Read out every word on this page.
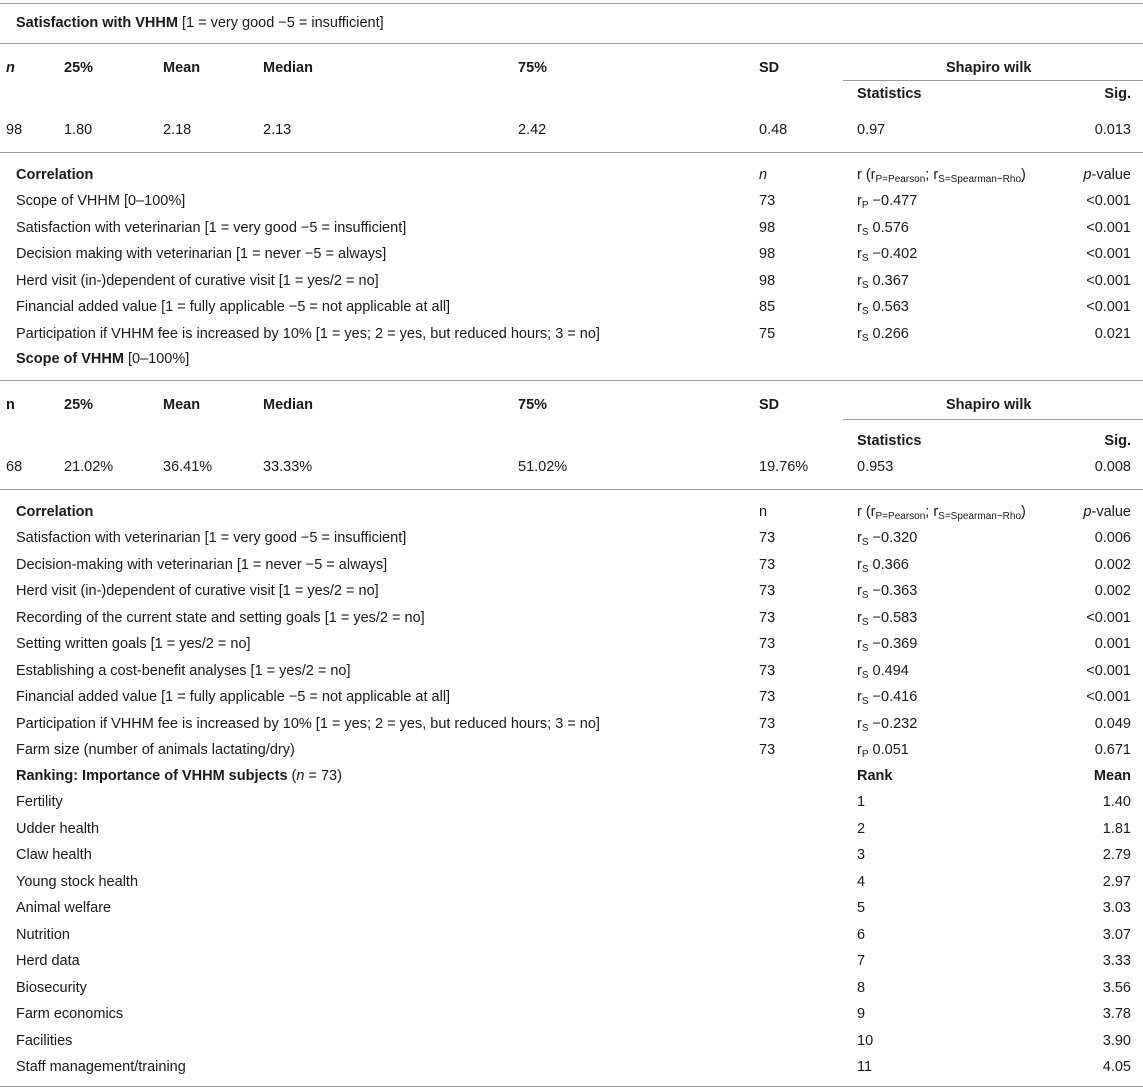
Satisfaction with VHHM [1 = very good −5 = insufficient]
n	25%	Mean	Median	75%	SD	Shapiro wilk
Statistics	Sig.
98	1.80	2.18	2.13	2.42	0.48	0.97	0.013
Correlation	n	r ($r_{P=Pearson}$; $r_{S=Spearman-Rho}$)	p-value
Scope of VHHM [0–100%]	73	$r_P -0.477$	<0.001
Satisfaction with veterinarian [1 = very good −5 = insufficient]	98	$r_S$ 0.576	<0.001
Decision making with veterinarian [1 = never −5 = always]	98	$r_S -0.402$	<0.001
Herd visit (in-)dependent of curative visit [1 = yes/2 = no]	98	$r_S$ 0.367	<0.001
Financial added value [1 = fully applicable −5 = not applicable at all]	85	$r_S$ 0.563	<0.001
Participation if VHHM fee is increased by 10% [1 = yes; 2 = yes, but reduced hours; 3 = no]	75	$r_S$ 0.266	0.021
Scope of VHHM [0–100%]
n	25%	Mean	Median	75%	SD	Shapiro wilk
Statistics	Sig.
68	21.02%	36.41%	33.33%	51.02%	19.76%	0.953	0.008
Correlation	n	r ($r_{P=Pearson}$; $r_{S=Spearman-Rho}$)	p-value
Satisfaction with veterinarian [1 = very good −5 = insufficient]	73	$r_S -0.320$	0.006
Decision-making with veterinarian [1 = never −5 = always]	73	$r_S$ 0.366	0.002
Herd visit (in-)dependent of curative visit [1 = yes/2 = no]	73	$r_S -0.363$	0.002
Recording of the current state and setting goals [1 = yes/2 = no]	73	$r_S -0.583$	<0.001
Setting written goals [1 = yes/2 = no]	73	$r_S -0.369$	0.001
Establishing a cost-benefit analyses [1 = yes/2 = no]	73	$r_S$ 0.494	<0.001
Financial added value [1 = fully applicable −5 = not applicable at all]	73	$r_S -0.416$	<0.001
Participation if VHHM fee is increased by 10% [1 = yes; 2 = yes, but reduced hours; 3 = no]	73	$r_S -0.232$	0.049
Farm size (number of animals lactating/dry)	73	$r_P$ 0.051	0.671
Ranking: Importance of VHHM subjects (n = 73)	Rank	Mean
Fertility	1	1.40
Udder health	2	1.81
Claw health	3	2.79
Young stock health	4	2.97
Animal welfare	5	3.03
Nutrition	6	3.07
Herd data	7	3.33
Biosecurity	8	3.56
Farm economics	9	3.78
Facilities	10	3.90
Staff management/training	11	4.05
